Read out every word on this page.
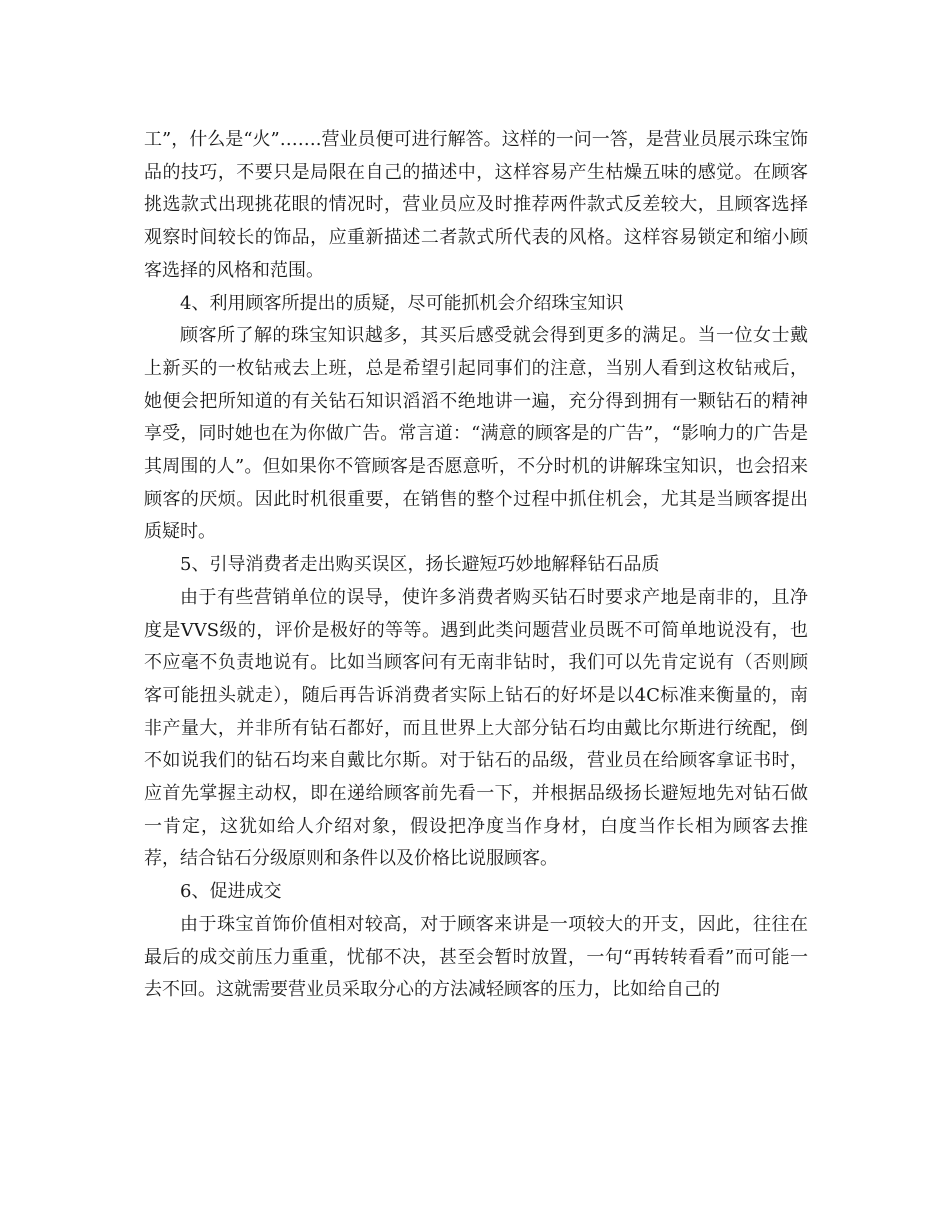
工”，什么是“火”…….营业员便可进行解答。这样的一问一答，是营业员展示珠宝饰品的技巧，不要只是局限在自己的描述中，这样容易产生枯燥五味的感觉。在顾客挑选款式出现挑花眼的情况时，营业员应及时推荐两件款式反差较大，且顾客选择观察时间较长的饰品，应重新描述二者款式所代表的风格。这样容易锁定和缩小顾客选择的风格和范围。

4、利用顾客所提出的质疑，尽可能抓机会介绍珠宝知识

顾客所了解的珠宝知识越多，其买后感受就会得到更多的满足。当一位女士戴上新买的一枚钻戒去上班，总是希望引起同事们的注意，当别人看到这枚钻戒后，她便会把所知道的有关钻石知识滔滔不绝地讲一遍，充分得到拥有一颗钻石的精神享受，同时她也在为你做广告。常言道：“满意的顾客是的广告”，“影响力的广告是其周围的人”。但如果你不管顾客是否愿意听，不分时机的讲解珠宝知识，也会招来顾客的厌烦。因此时机很重要，在销售的整个过程中抓住机会，尤其是当顾客提出质疑时。

5、引导消费者走出购买误区，扬长避短巧妙地解释钻石品质

由于有些营销单位的误导，使许多消费者购买钻石时要求产地是南非的，且净度是VVS级的，评价是极好的等等。遇到此类问题营业员既不可简单地说没有，也不应毫不负责地说有。比如当顾客问有无南非钻时，我们可以先肯定说有（否则顾客可能扭头就走），随后再告诉消费者实际上钻石的好坏是以4C标准来衡量的，南非产量大，并非所有钻石都好，而且世界上大部分钻石均由戴比尔斯进行统配，倒不如说我们的钻石均来自戴比尔斯。对于钻石的品级，营业员在给顾客拿证书时，应首先掌握主动权，即在递给顾客前先看一下，并根据品级扬长避短地先对钻石做一肯定，这犹如给人介绍对象，假设把净度当作身材，白度当作长相为顾客去推荐，结合钻石分级原则和条件以及价格比说服顾客。

6、促进成交

由于珠宝首饰价值相对较高，对于顾客来讲是一项较大的开支，因此，往往在最后的成交前压力重重，忧郁不决，甚至会暂时放置，一句“再转转看看”而可能一去不回。这就需要营业员采取分心的方法减轻顾客的压力，比如给自己的
